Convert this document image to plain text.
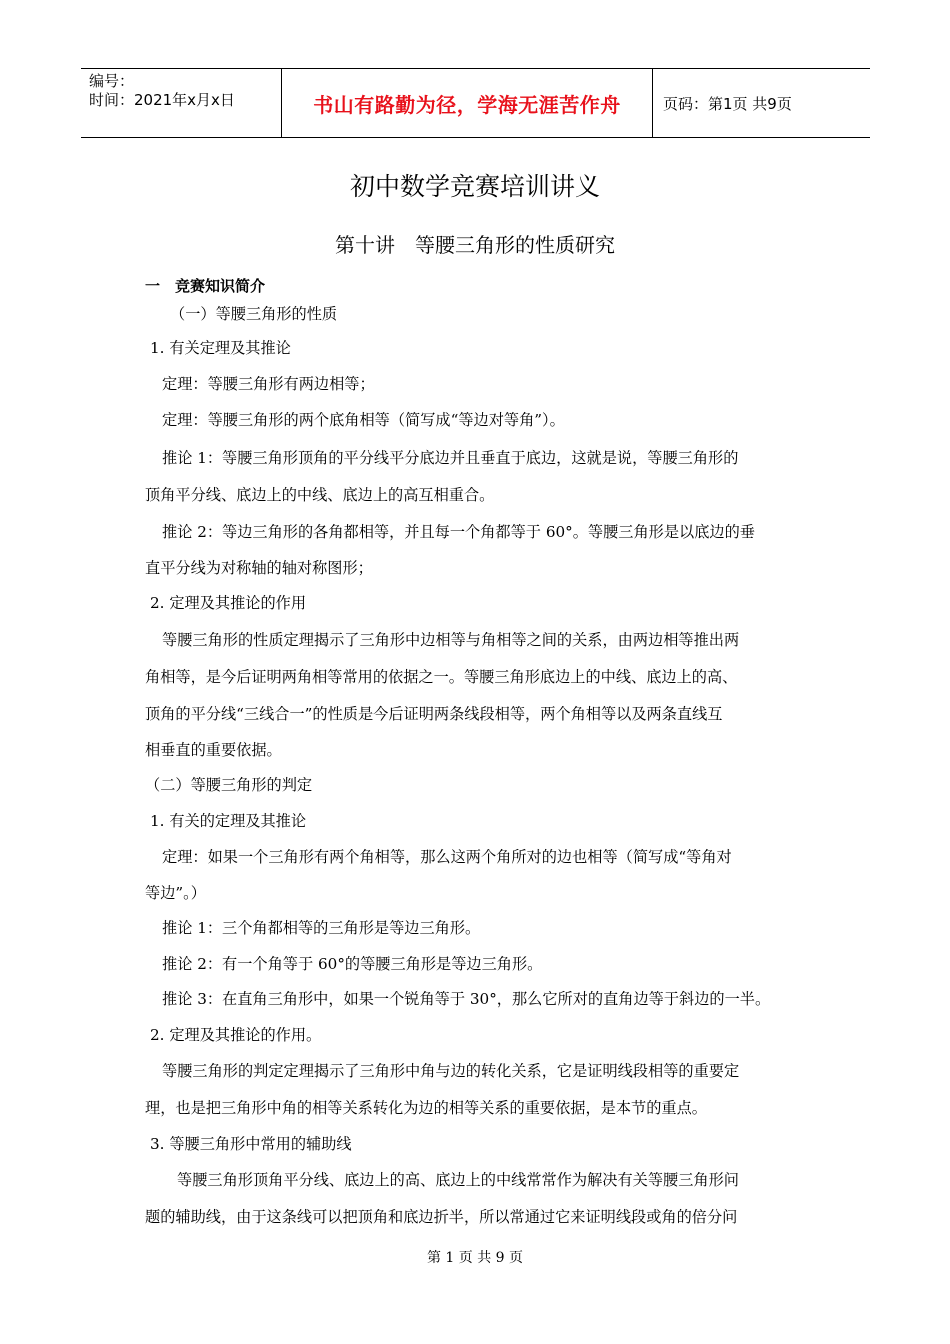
编号：
时间：2021年x月x日	书山有路勤为径，学海无涯苦作舟	页码：第1页 共9页
初中数学竞赛培训讲义
第十讲　等腰三角形的性质研究

一　竞赛知识简介

（一）等腰三角形的性质

1. 有关定理及其推论

定理：等腰三角形有两边相等；

定理：等腰三角形的两个底角相等（简写成“等边对等角”）。

推论 1：等腰三角形顶角的平分线平分底边并且垂直于底边，这就是说，等腰三角形的

顶角平分线、底边上的中线、底边上的高互相重合。

推论 2：等边三角形的各角都相等，并且每一个角都等于 60°。等腰三角形是以底边的垂

直平分线为对称轴的轴对称图形；

2. 定理及其推论的作用

等腰三角形的性质定理揭示了三角形中边相等与角相等之间的关系，由两边相等推出两

角相等，是今后证明两角相等常用的依据之一。等腰三角形底边上的中线、底边上的高、

顶角的平分线“三线合一”的性质是今后证明两条线段相等，两个角相等以及两条直线互

相垂直的重要依据。

（二）等腰三角形的判定

1. 有关的定理及其推论

定理：如果一个三角形有两个角相等，那么这两个角所对的边也相等（简写成“等角对

等边”。）

推论 1：三个角都相等的三角形是等边三角形。

推论 2：有一个角等于 60°的等腰三角形是等边三角形。

推论 3：在直角三角形中，如果一个锐角等于 30°，那么它所对的直角边等于斜边的一半。

2. 定理及其推论的作用。

等腰三角形的判定定理揭示了三角形中角与边的转化关系，它是证明线段相等的重要定

理，也是把三角形中角的相等关系转化为边的相等关系的重要依据，是本节的重点。

3. 等腰三角形中常用的辅助线

等腰三角形顶角平分线、底边上的高、底边上的中线常常作为解决有关等腰三角形问

题的辅助线，由于这条线可以把顶角和底边折半，所以常通过它来证明线段或角的倍分问

第 1 页 共 9 页
